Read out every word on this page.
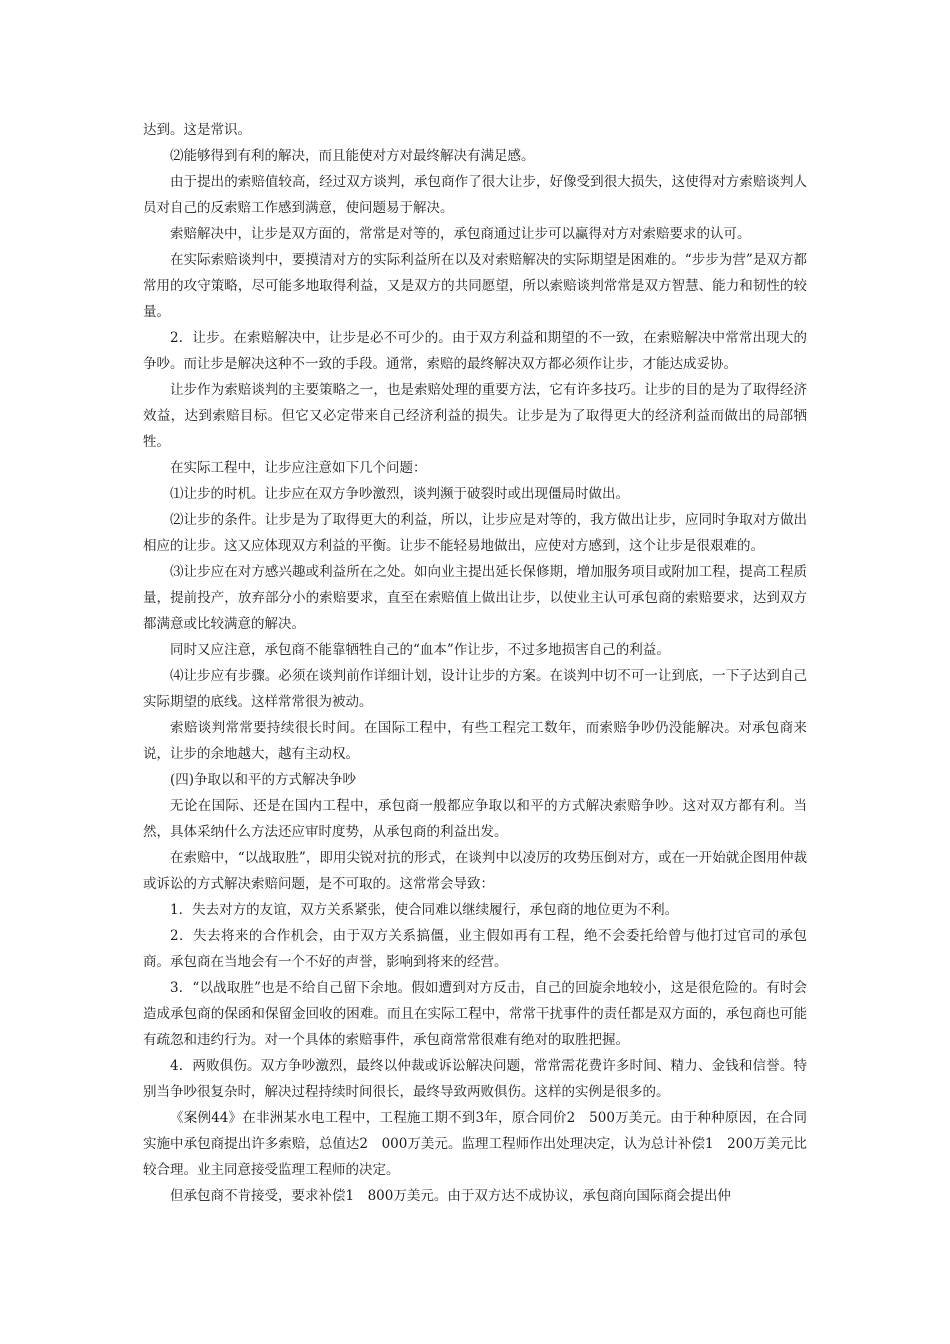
达到。这是常识。

⑵能够得到有利的解决，而且能使对方对最终解决有满足感。

由于提出的索赔值较高，经过双方谈判，承包商作了很大让步，好像受到很大损失，这使得对方索赔谈判人员对自己的反索赔工作感到满意，使问题易于解决。

索赔解决中，让步是双方面的，常常是对等的，承包商通过让步可以赢得对方对索赔要求的认可。

在实际索赔谈判中，要摸清对方的实际利益所在以及对索赔解决的实际期望是困难的。“步步为营”是双方都常用的攻守策略，尽可能多地取得利益，又是双方的共同愿望，所以索赔谈判常常是双方智慧、能力和韧性的较量。

2．让步。在索赔解决中，让步是必不可少的。由于双方利益和期望的不一致，在索赔解决中常常出现大的争吵。而让步是解决这种不一致的手段。通常，索赔的最终解决双方都必须作让步，才能达成妥协。

让步作为索赔谈判的主要策略之一，也是索赔处理的重要方法，它有许多技巧。让步的目的是为了取得经济效益，达到索赔目标。但它又必定带来自己经济利益的损失。让步是为了取得更大的经济利益而做出的局部牺牲。

在实际工程中，让步应注意如下几个问题：

⑴让步的时机。让步应在双方争吵激烈，谈判濒于破裂时或出现僵局时做出。

⑵让步的条件。让步是为了取得更大的利益，所以，让步应是对等的，我方做出让步，应同时争取对方做出相应的让步。这又应体现双方利益的平衡。让步不能轻易地做出，应使对方感到，这个让步是很艰难的。

⑶让步应在对方感兴趣或利益所在之处。如向业主提出延长保修期，增加服务项目或附加工程，提高工程质量，提前投产，放弃部分小的索赔要求，直至在索赔值上做出让步，以使业主认可承包商的索赔要求，达到双方都满意或比较满意的解决。

同时又应注意，承包商不能靠牺牲自己的“血本”作让步，不过多地损害自己的利益。

⑷让步应有步骤。必须在谈判前作详细计划，设计让步的方案。在谈判中切不可一让到底，一下子达到自己实际期望的底线。这样常常很为被动。

索赔谈判常常要持续很长时间。在国际工程中，有些工程完工数年，而索赔争吵仍没能解决。对承包商来说，让步的余地越大，越有主动权。

(四)争取以和平的方式解决争吵

无论在国际、还是在国内工程中，承包商一般都应争取以和平的方式解决索赔争吵。这对双方都有利。当然，具体采纳什么方法还应审时度势，从承包商的利益出发。

在索赔中，“以战取胜”，即用尖锐对抗的形式，在谈判中以凌厉的攻势压倒对方，或在一开始就企图用仲裁或诉讼的方式解决索赔问题，是不可取的。这常常会导致：

1．失去对方的友谊，双方关系紧张，使合同难以继续履行，承包商的地位更为不利。

2．失去将来的合作机会，由于双方关系搞僵，业主假如再有工程，绝不会委托给曾与他打过官司的承包商。承包商在当地会有一个不好的声誉，影响到将来的经营。

3．“以战取胜”也是不给自己留下余地。假如遭到对方反击，自己的回旋余地较小，这是很危险的。有时会造成承包商的保函和保留金回收的困难。而且在实际工程中，常常干扰事件的责任都是双方面的，承包商也可能有疏忽和违约行为。对一个具体的索赔事件，承包商常常很难有绝对的取胜把握。

4．两败俱伤。双方争吵激烈，最终以仲裁或诉讼解决问题，常常需花费许多时间、精力、金钱和信誉。特别当争吵很复杂时，解决过程持续时间很长，最终导致两败俱伤。这样的实例是很多的。

《案例44》在非洲某水电工程中，工程施工期不到3年，原合同价2　500万美元。由于种种原因，在合同实施中承包商提出许多索赔，总值达2　000万美元。监理工程师作出处理决定，认为总计补偿1　200万美元比较合理。业主同意接受监理工程师的决定。

但承包商不肯接受，要求补偿1　800万美元。由于双方达不成协议，承包商向国际商会提出仲
